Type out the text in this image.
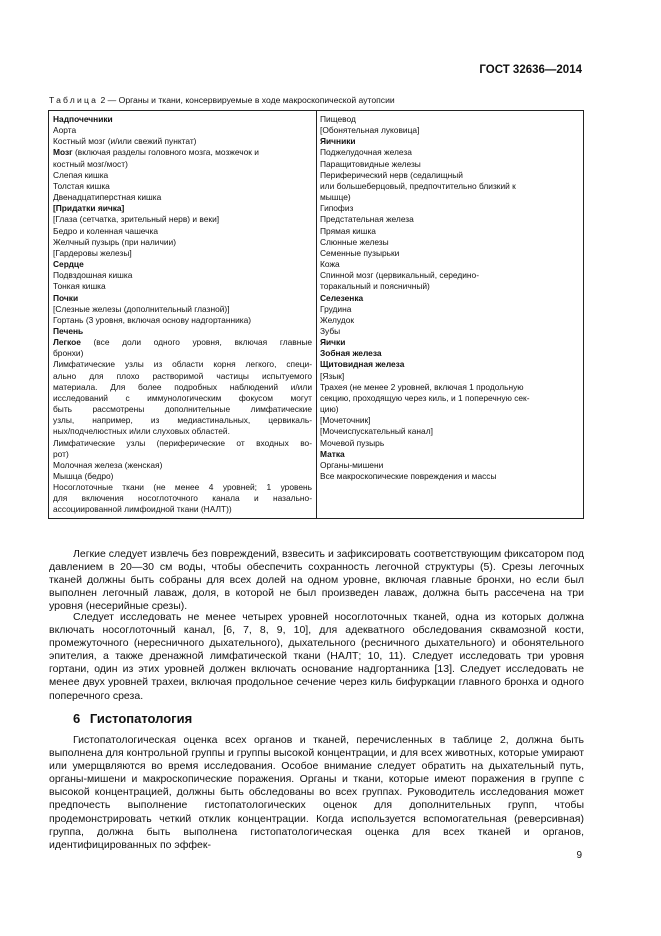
ГОСТ 32636—2014
Таблица 2 — Органы и ткани, консервируемые в ходе макроскопической аутопсии
Надпочечники
Аорта
Костный мозг (и/или свежий пунктат)
Мозг (включая разделы головного мозга, мозжечок и
костный мозг/мост)
Слепая кишка
Толстая кишка
Двенадцатиперстная кишка
[Придатки яичка]
[Глаза (сетчатка, зрительный нерв) и веки]
Бедро и коленная чашечка
Желчный пузырь (при наличии)
[Гардеровы железы]
Сердце
Подвздошная кишка
Тонкая кишка
Почки
[Слезные железы (дополнительный глазной)]
Гортань (3 уровня, включая основу надгортанника)
Печень
Легкое (все доли одного уровня, включая главные
бронхи)
Лимфатические узлы из области корня легкого, специ-
ально для плохо растворимой частицы испытуемого
материала. Для более подробных наблюдений и/или
исследований с иммунологическим фокусом могут
быть рассмотрены дополнительные лимфатические
узлы, например, из медиастинальных, цервикаль-
ных/подчелюстных и/или слуховых областей.
Лимфатические узлы (периферические от входных во-
рот)
Молочная железа (женская)
Мышца (бедро)
Носоглоточные ткани (не менее 4 уровней; 1 уровень
для включения носоглоточного канала и назально-
ассоциированной лимфоидной ткани (НАЛТ))
Пищевод
[Обонятельная луковица]
Яичники
Поджелудочная железа
Паращитовидные железы
Периферический нерв (седалищный
или большеберцовый, предпочтительно близкий к
мышце)
Гипофиз
Предстательная железа
Прямая кишка
Слюнные железы
Семенные пузырьки
Кожа
Спинной мозг (цервикальный, середино-
торакальный и поясничный)
Селезенка
Грудина
Желудок
Зубы
Яички
Зобная железа
Щитовидная железа
[Язык]
Трахея (не менее 2 уровней, включая 1 продольную
секцию, проходящую через киль, и 1 поперечную сек-
цию)
[Мочеточник]
[Мочеиспускательный канал]
Мочевой пузырь
Матка
Органы-мишени
Все макроскопические повреждения и массы

Легкие следует извлечь без повреждений, взвесить и зафиксировать соответствующим фиксатором под давлением в 20—30 см воды, чтобы обеспечить сохранность легочной структуры (5). Срезы легочных тканей должны быть собраны для всех долей на одном уровне, включая главные бронхи, но если был выполнен легочный лаваж, доля, в которой не был произведен лаваж, должна быть рассечена на три уровня (несерийные срезы).

Следует исследовать не менее четырех уровней носоглоточных тканей, одна из которых должна включать носоглоточный канал, [6, 7, 8, 9, 10], для адекватного обследования сквамозной кости, промежуточного (нересничного дыхательного), дыхательного (ресничного дыхательного) и обонятельного эпителия, а также дренажной лимфатической ткани (НАЛТ; 10, 11). Следует исследовать три уровня гортани, один из этих уровней должен включать основание надгортанника [13]. Следует исследовать не менее двух уровней трахеи, включая продольное сечение через киль бифуркации главного бронха и одного поперечного среза.

6 Гистопатология

Гистопатологическая оценка всех органов и тканей, перечисленных в таблице 2, должна быть выполнена для контрольной группы и группы высокой концентрации, и для всех животных, которые умирают или умерщвляются во время исследования. Особое внимание следует обратить на дыхательный путь, органы-мишени и макроскопические поражения. Органы и ткани, которые имеют поражения в группе с высокой концентрацией, должны быть обследованы во всех группах. Руководитель исследования может предпочесть выполнение гистопатологических оценок для дополнительных групп, чтобы продемонстрировать четкий отклик концентрации. Когда используется вспомогательная (реверсивная) группа, должна быть выполнена гистопатологическая оценка для всех тканей и органов, идентифицированных по эффек-

9
